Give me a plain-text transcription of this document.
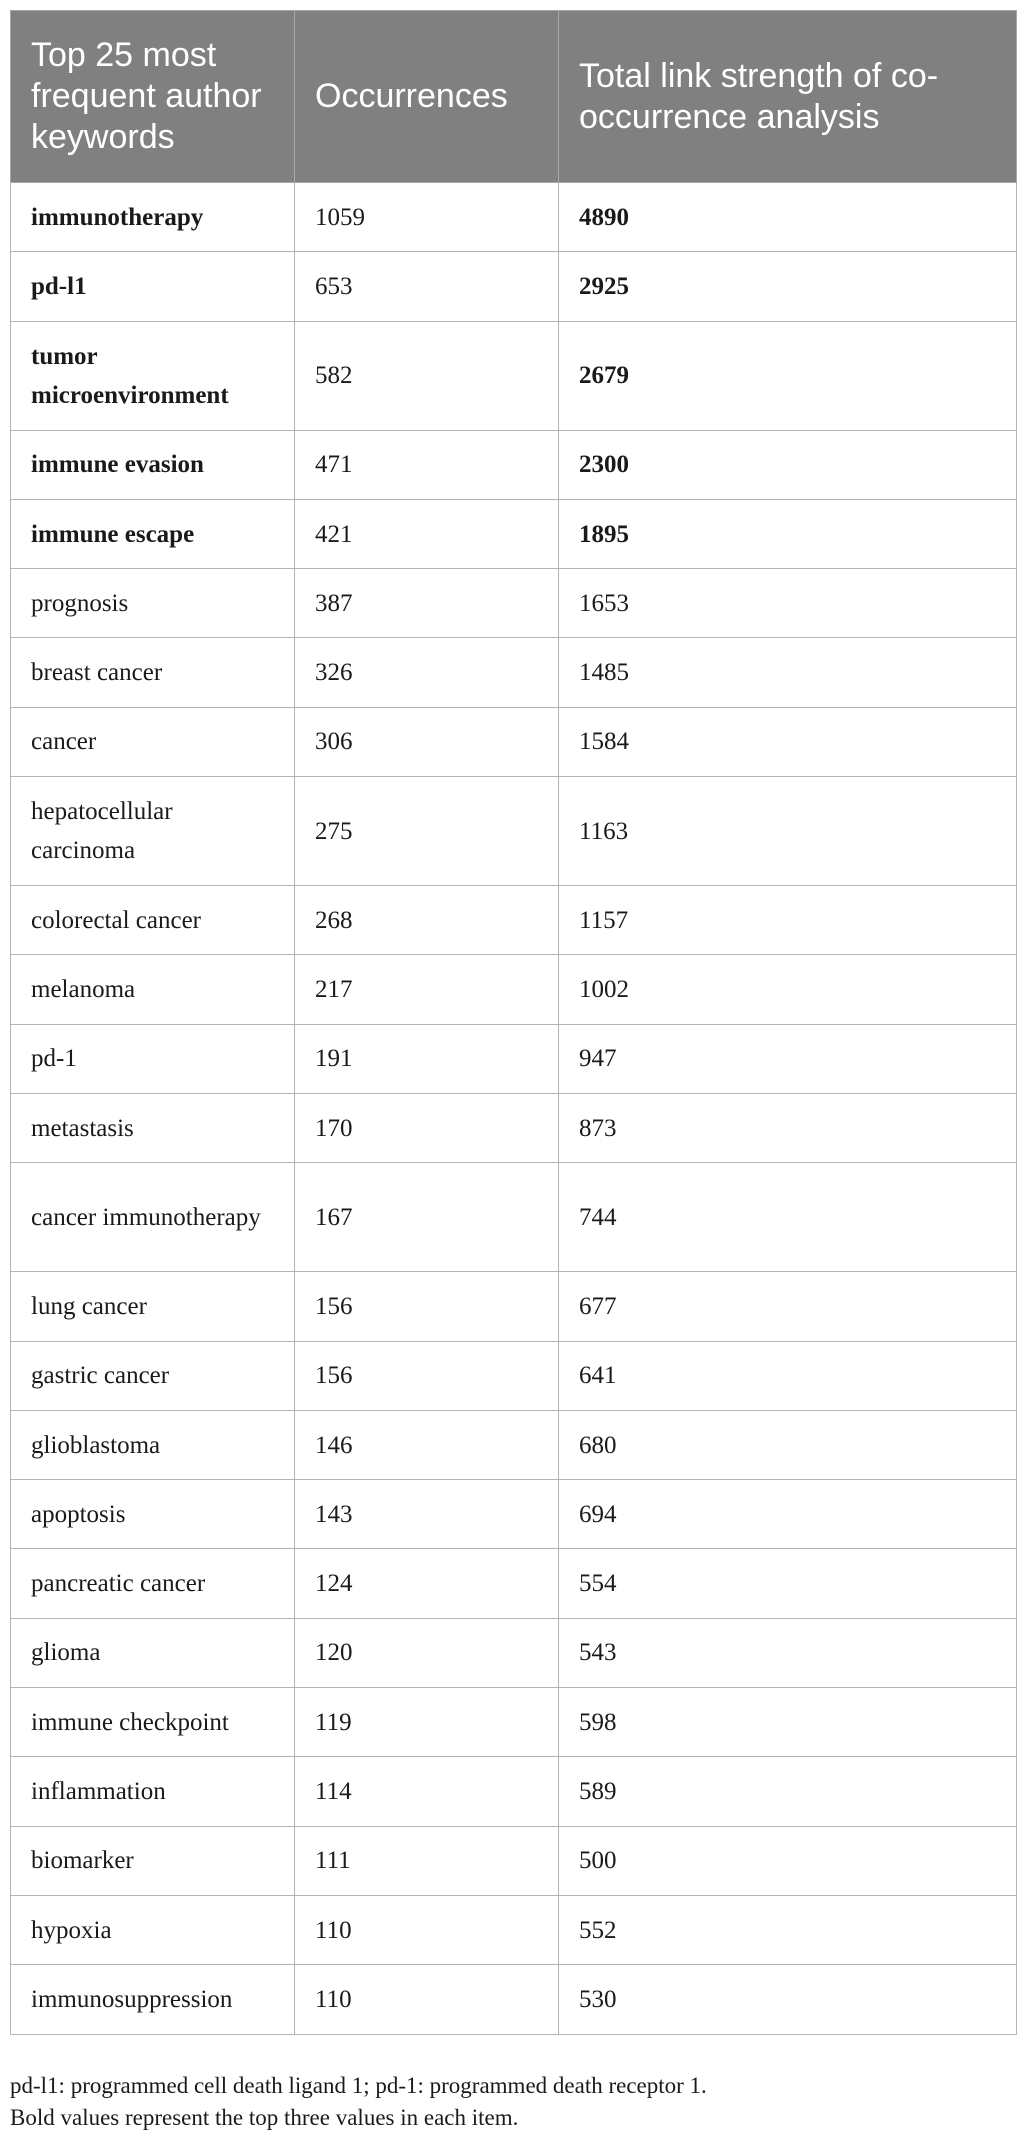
Top 25 most frequent author keywords	Occurrences	Total link strength of co-occurrence analysis
immunotherapy	1059	4890
pd-l1	653	2925
tumor microenvironment	582	2679
immune evasion	471	2300
immune escape	421	1895
prognosis	387	1653
breast cancer	326	1485
cancer	306	1584
hepatocellular carcinoma	275	1163
colorectal cancer	268	1157
melanoma	217	1002
pd-1	191	947
metastasis	170	873
cancer immunotherapy	167	744
lung cancer	156	677
gastric cancer	156	641
glioblastoma	146	680
apoptosis	143	694
pancreatic cancer	124	554
glioma	120	543
immune checkpoint	119	598
inflammation	114	589
biomarker	111	500
hypoxia	110	552
immunosuppression	110	530

pd-l1: programmed cell death ligand 1; pd-1: programmed death receptor 1.

Bold values represent the top three values in each item.
